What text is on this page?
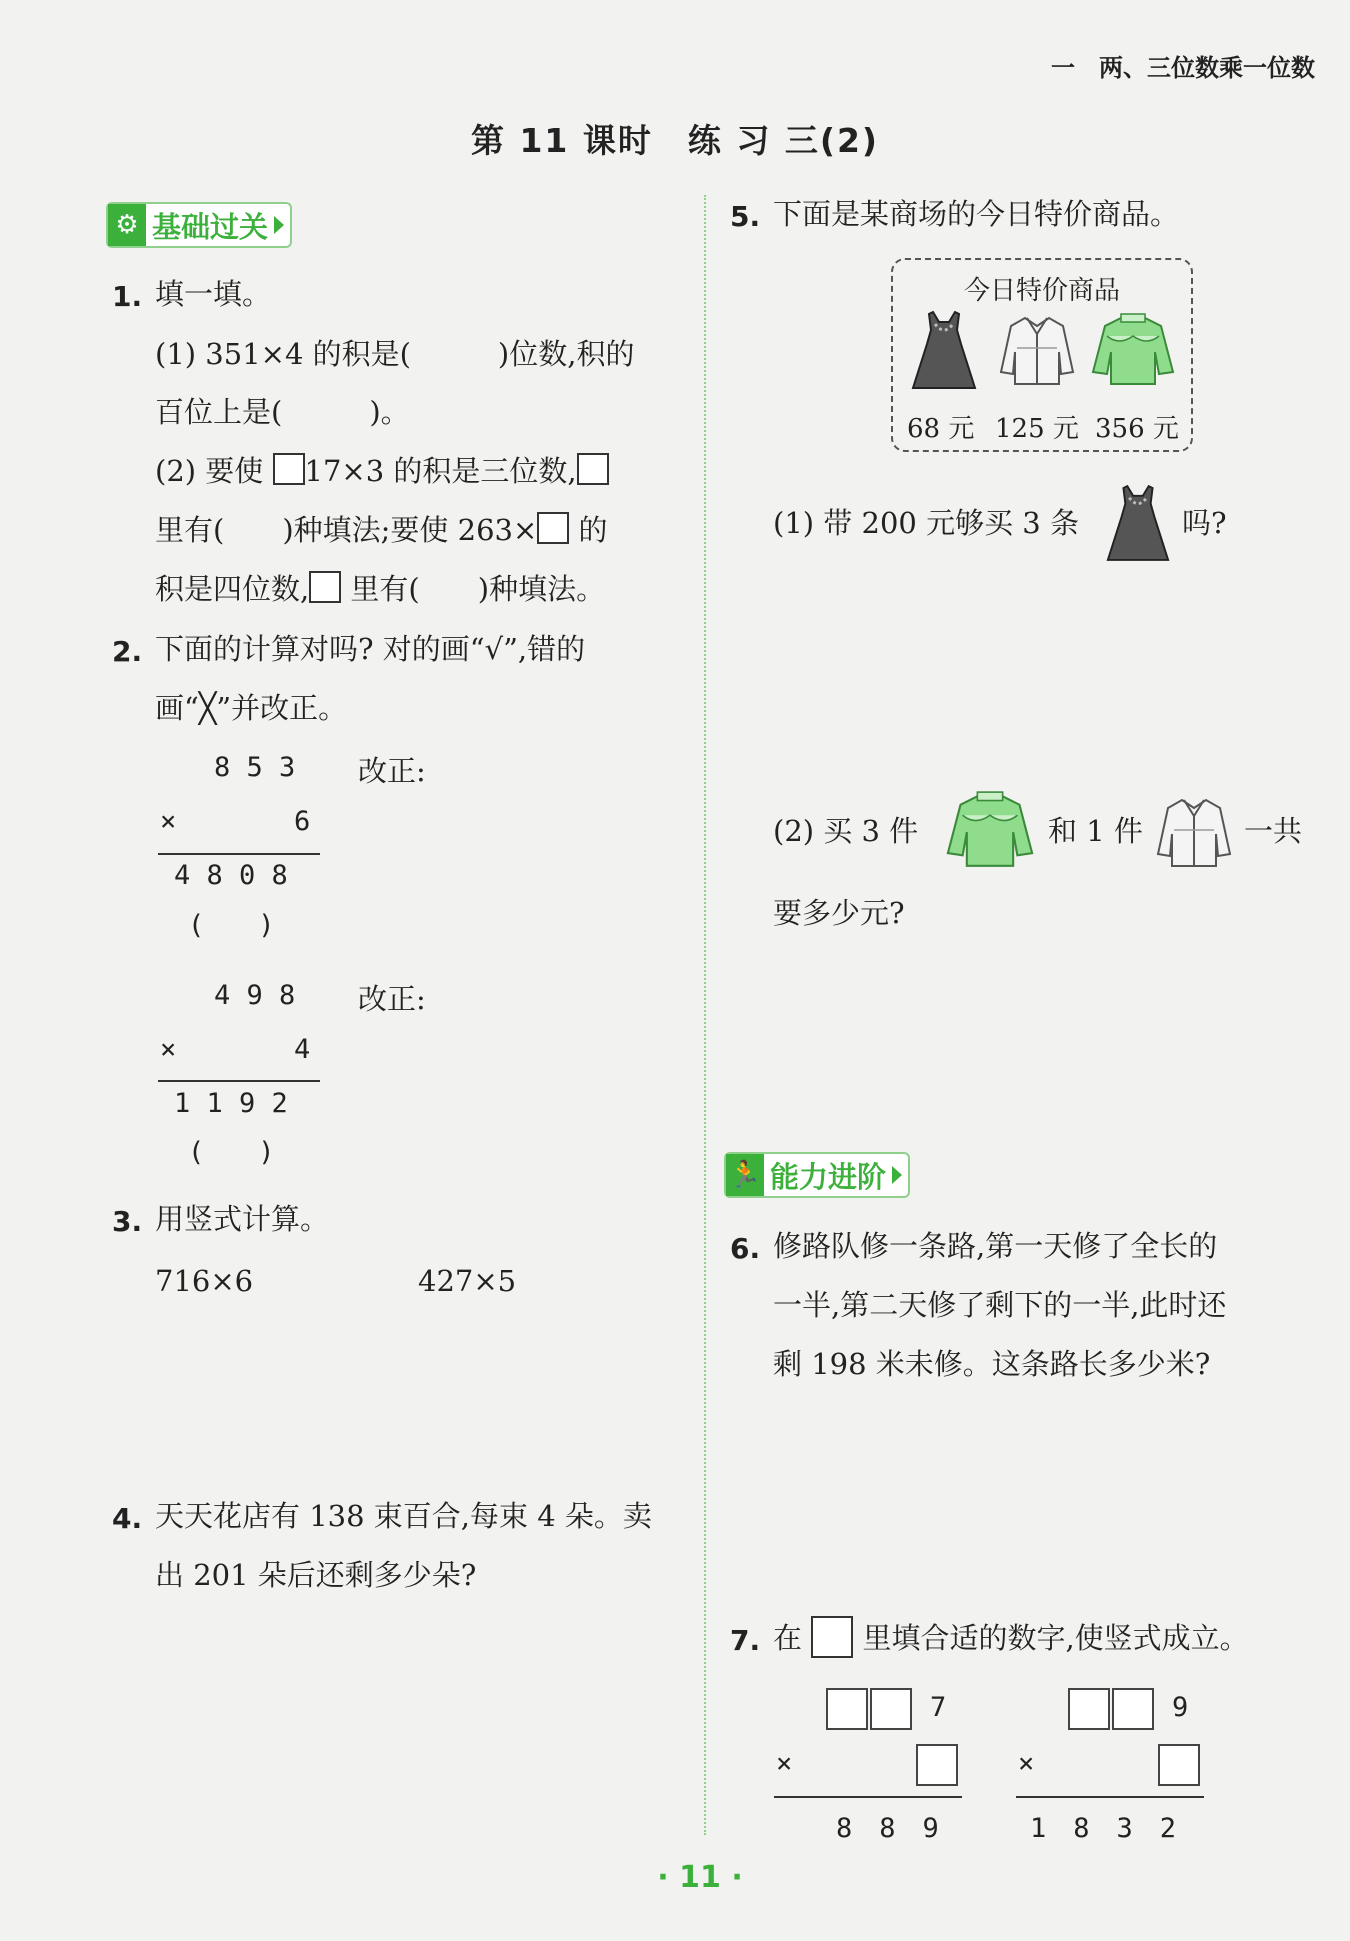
一　两、三位数乘一位数
第 11 课时　练 习 三(2)
⚙ 基础过关
1. 填一填。
(1) 351×4 的积是(　　　)位数,积的
百位上是(　　　)。
(2) 要使 17×3 的积是三位数,
里有(　　)种填法;要使 263× 的
积是四位数, 里有(　　)种填法。
2. 下面的计算对吗? 对的画“√”,错的
画“╳”并改正。
8 5 3 改正:
×	6
4 8 0 8
(　　)
4 9 8 改正:
×	4
1 1 9 2
(　　)
3. 用竖式计算。
716×6	427×5
4. 天天花店有 138 束百合,每束 4 朵。卖
出 201 朵后还剩多少朵?
5. 下面是某商场的今日特价商品。
今日特价商品
68 元 125 元 356 元
(1) 带 200 元够买 3 条	吗?
(2) 买 3 件	和 1 件	一共
要多少元?
🏃 能力进阶
6. 修路队修一条路,第一天修了全长的
一半,第二天修了剩下的一半,此时还
剩 198 米未修。这条路长多少米?
7. 在 里填合适的数字,使竖式成立。
7
×
8　8　9
9
×
1　8　3　2
· 11 ·
